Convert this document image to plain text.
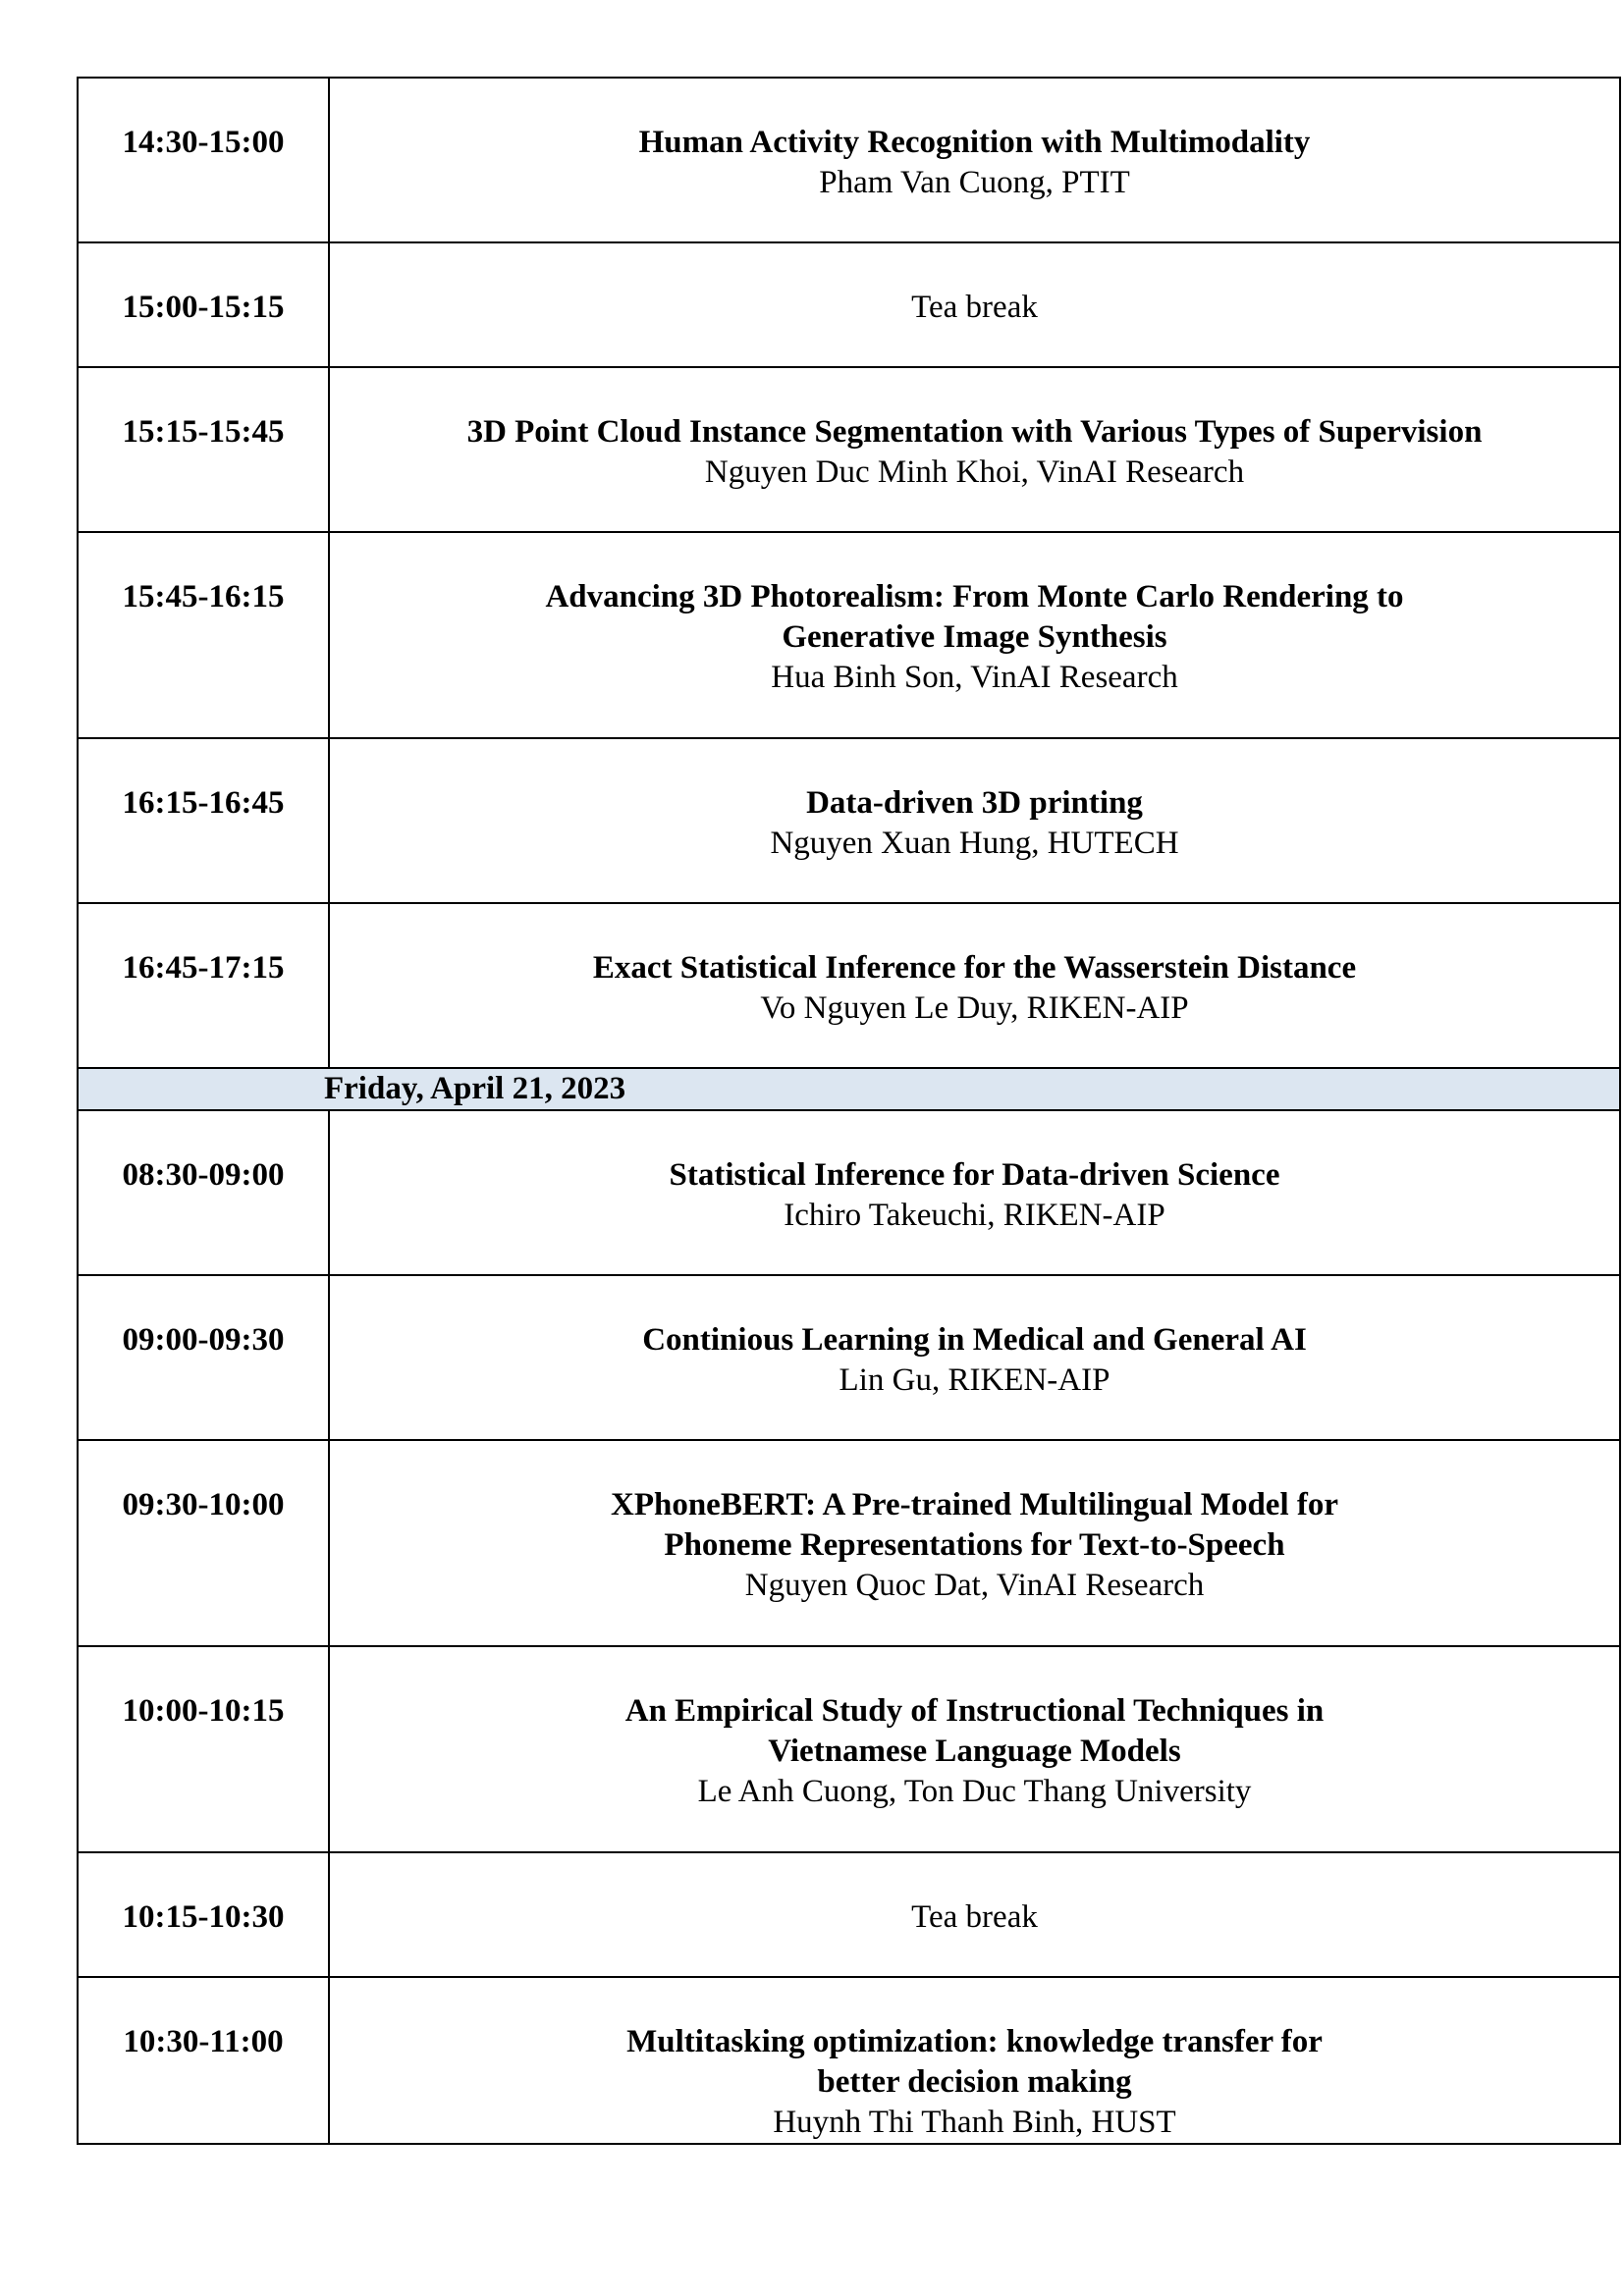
14:30-15:00	Human Activity Recognition with Multimodality
Pham Van Cuong, PTIT

15:00-15:15	Tea break

15:15-15:45	3D Point Cloud Instance Segmentation with Various Types of Supervision
Nguyen Duc Minh Khoi, VinAI Research

15:45-16:15	Advancing 3D Photorealism: From Monte Carlo Rendering to
Generative Image Synthesis
Hua Binh Son, VinAI Research

16:15-16:45	Data-driven 3D printing
Nguyen Xuan Hung, HUTECH

16:45-17:15	Exact Statistical Inference for the Wasserstein Distance
Vo Nguyen Le Duy, RIKEN-AIP

Friday, April 21, 2023	
08:30-09:00	Statistical Inference for Data-driven Science
Ichiro Takeuchi, RIKEN-AIP

09:00-09:30	Continious Learning in Medical and General AI
Lin Gu, RIKEN-AIP

09:30-10:00	XPhoneBERT: A Pre-trained Multilingual Model for
Phoneme Representations for Text-to-Speech
Nguyen Quoc Dat, VinAI Research

10:00-10:15	An Empirical Study of Instructional Techniques in
Vietnamese Language Models
Le Anh Cuong, Ton Duc Thang University

10:15-10:30	Tea break

10:30-11:00	Multitasking optimization: knowledge transfer for
better decision making
Huynh Thi Thanh Binh, HUST
